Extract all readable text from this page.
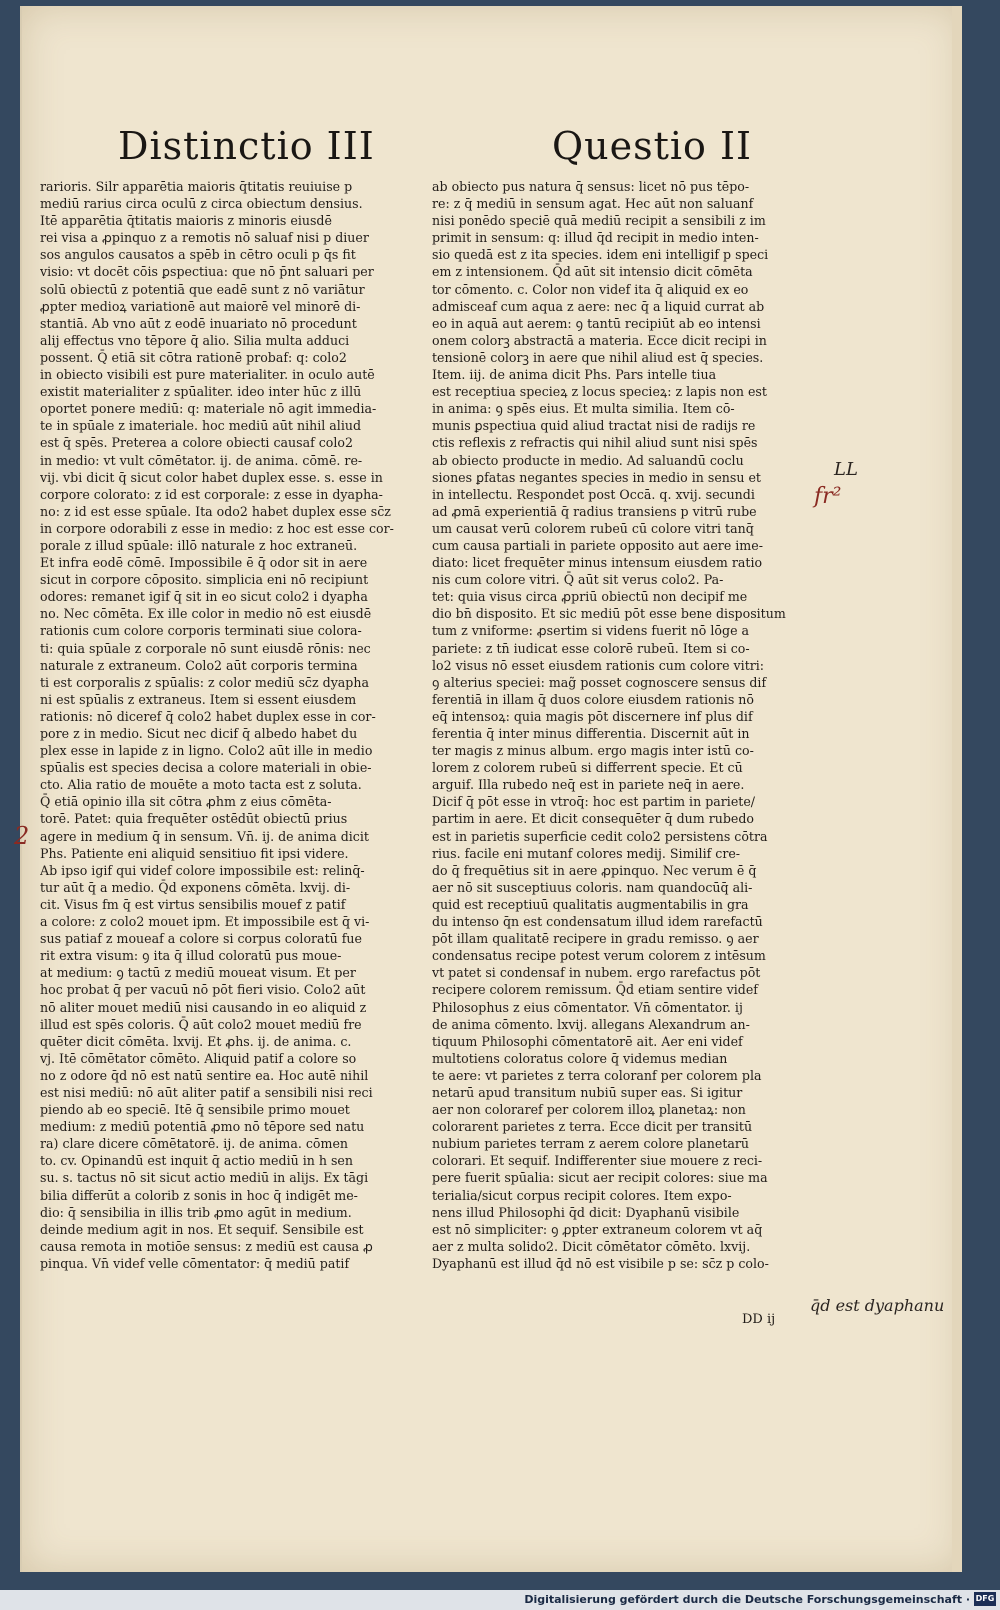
Distinctio III	Questio II
rarioris. Silr apparētia maioris q̄titatis reuiuise p
mediū rarius circa oculū z circa obiectum densius.
Itē apparētia q̄titatis maioris z minoris eiusdē
rei visa a ꝓpinquo z a remotis nō saluaf nisi p diuer
sos angulos causatos a spēb in cētro oculi p q̄s fit
visio: vt docēt cōis ꝑspectiua: que nō p̄nt saluari per
solū obiectū z potentiā que eadē sunt z nō variātur
ꝓpter medioꝝ variationē aut maiorē vel minorē di-
stantiā. Ab vno aūt z eodē inuariato nō procedunt
alij effectus vno tēpore q̄ alio. Silia multa adduci
possent. Q̄ etiā sit cōtra rationē probaf: q: colo2
in obiecto visibili est pure materialiter. in oculo autē
existit materialiter z spūaliter. ideo inter hūc z illū
oportet ponere mediū: q: materiale nō agit immedia-
te in spūale z imateriale. hoc mediū aūt nihil aliud
est q̄ spēs. Preterea a colore obiecti causaf colo2
in medio: vt vult cōmētator. ij. de anima. cōmē. re-
vij. vbi dicit q̄ sicut color habet duplex esse. s. esse in
corpore colorato: z id est corporale: z esse in dyapha-
no: z id est esse spūale. Ita odo2 habet duplex esse sc̄z
in corpore odorabili z esse in medio: z hoc est esse cor-
porale z illud spūale: illō naturale z hoc extraneū.
Et infra eodē cōmē. Impossibile ē q̄ odor sit in aere
sicut in corpore cōposito. simplicia eni nō recipiunt
odores: remanet igif q̄ sit in eo sicut colo2 i dyapha
no. Nec cōmēta. Ex ille color in medio nō est eiusdē
rationis cum colore corporis terminati siue colora-
ti: quia spūale z corporale nō sunt eiusdē rōnis: nec
naturale z extraneum. Colo2 aūt corporis termina
ti est corporalis z spūalis: z color mediū sc̄z dyapha
ni est spūalis z extraneus. Item si essent eiusdem
rationis: nō diceref q̄ colo2 habet duplex esse in cor-
pore z in medio. Sicut nec dicif q̄ albedo habet du
plex esse in lapide z in ligno. Colo2 aūt ille in medio
spūalis est species decisa a colore materiali in obie-
cto. Alia ratio de mouēte a moto tacta est z soluta.
Q̄ etiā opinio illa sit cōtra ꝓhm z eius cōmēta-
torē. Patet: quia frequēter ostēdūt obiectū prius
agere in medium q̄ in sensum. Vn̄. ij. de anima dicit
Phs. Patiente eni aliquid sensitiuo fit ipsi videre.
Ab ipso igif qui videf colore impossibile est: relinq̄-
tur aūt q̄ a medio. Q̄d exponens cōmēta. lxvij. di-
cit. Visus fm q̄ est virtus sensibilis mouef z patif
a colore: z colo2 mouet ipm. Et impossibile est q̄ vi-
sus patiaf z moueaf a colore si corpus coloratū fue
rit extra visum: ꝯ ita q̄ illud coloratū pus moue-
at medium: ꝯ tactū z mediū moueat visum. Et per
hoc probat q̄ per vacuū nō pōt fieri visio. Colo2 aūt
nō aliter mouet mediū nisi causando in eo aliquid z
illud est spēs coloris. Q̄ aūt colo2 mouet mediū fre
quēter dicit cōmēta. lxvij. Et ꝓhs. ij. de anima. c.
vj. Itē cōmētator cōmēto. Aliquid patif a colore so
no z odore q̄d nō est natū sentire ea. Hoc autē nihil
est nisi mediū: nō aūt aliter patif a sensibili nisi reci
piendo ab eo speciē. Itē q̄ sensibile primo mouet
medium: z mediū potentiā ꝓmo nō tēpore sed natu
ra) clare dicere cōmētatorē. ij. de anima. cōmen
to. cv. Opinandū est inquit q̄ actio mediū in h sen
su. s. tactus nō sit sicut actio mediū in alijs. Ex tāgi
bilia differūt a colorib z sonis in hoc q̄ indigēt me-
dio: q̄ sensibilia in illis trib ꝓmo agūt in medium.
deinde medium agit in nos. Et sequif. Sensibile est
causa remota in motiōe sensus: z mediū est causa ꝓ
pinqua. Vn̄ videf velle cōmentator: q̄ mediū patif
ab obiecto pus natura q̄ sensus: licet nō pus tēpo-
re: z q̄ mediū in sensum agat. Hec aūt non saluanf
nisi ponēdo speciē quā mediū recipit a sensibili z im
primit in sensum: q: illud q̄d recipit in medio inten-
sio quedā est z ita species. idem eni intelligif p speci
em z intensionem. Q̄d aūt sit intensio dicit cōmēta
tor cōmento. c. Color non videf ita q̄ aliquid ex eo
admisceaf cum aqua z aere: nec q̄ a liquid currat ab
eo in aquā aut aerem: ꝯ tantū recipiūt ab eo intensi
onem colorꝫ abstractā a materia. Ecce dicit recipi in
tensionē colorꝫ in aere que nihil aliud est q̄ species.
Item. iij. de anima dicit Phs. Pars intelle tiua
est receptiua specieꝝ z locus specieꝝ: z lapis non est
in anima: ꝯ spēs eius. Et multa similia. Item cō-
munis ꝑspectiua quid aliud tractat nisi de radijs re
ctis reflexis z refractis qui nihil aliud sunt nisi spēs
ab obiecto producte in medio. Ad saluandū coclu
siones ꝑfatas negantes species in medio in sensu et
in intellectu. Respondet post Occā. q. xvij. secundi
ad ꝓmā experientiā q̄ radius transiens p vitrū rube
um causat verū colorem rubeū cū colore vitri tanq̄
cum causa partiali in pariete opposito aut aere ime-
diato: licet frequēter minus intensum eiusdem ratio
nis cum colore vitri. Q̄ aūt sit verus colo2. Pa-
tet: quia visus circa ꝓpriū obiectū non decipif me
dio bn̄ disposito. Et sic mediū pōt esse bene dispositum
tum z vniforme: ꝓsertim si videns fuerit nō lōge a
pariete: z tn̄ iudicat esse colorē rubeū. Item si co-
lo2 visus nō esset eiusdem rationis cum colore vitri:
ꝯ alterius speciei: mag̃ posset cognoscere sensus dif
ferentiā in illam q̄ duos colore eiusdem rationis nō
eq̄ intensoꝝ: quia magis pōt discernere inf plus dif
ferentia q̄ inter minus differentia. Discernit aūt in
ter magis z minus album. ergo magis inter istū co-
lorem z colorem rubeū si differrent specie. Et cū
arguif. Illa rubedo neq̄ est in pariete neq̄ in aere.
Dicif q̄ pōt esse in vtroq̄: hoc est partim in pariete/
partim in aere. Et dicit consequēter q̄ dum rubedo
est in parietis superficie cedit colo2 persistens cōtra
rius. facile eni mutanf colores medij. Similif cre-
do q̄ frequētius sit in aere ꝓpinquo. Nec verum ē q̄
aer nō sit susceptiuus coloris. nam quandocūq̄ ali-
quid est receptiuū qualitatis augmentabilis in gra
du intenso q̄n est condensatum illud idem rarefactū
pōt illam qualitatē recipere in gradu remisso. ꝯ aer
condensatus recipe potest verum colorem z intēsum
vt patet si condensaf in nubem. ergo rarefactus pōt
recipere colorem remissum. Q̄d etiam sentire videf
Philosophus z eius cōmentator. Vn̄ cōmentator. ij
de anima cōmento. lxvij. allegans Alexandrum an-
tiquum Philosophi cōmentatorē ait. Aer eni videf
multotiens coloratus colore q̄ videmus median
te aere: vt parietes z terra coloranf per colorem pla
netarū apud transitum nubiū super eas. Si igitur
aer non coloraref per colorem illoꝝ planetaꝝ: non
colorarent parietes z terra. Ecce dicit per transitū
nubium parietes terram z aerem colore planetarū
colorari. Et sequif. Indifferenter siue mouere z reci-
pere fuerit spūalia: sicut aer recipit colores: siue ma
terialia/sicut corpus recipit colores. Item expo-
nens illud Philosophi q̄d dicit: Dyaphanū visibile
est nō simpliciter: ꝯ ꝓpter extraneum colorem vt aq̄
aer z multa solido2. Dicit cōmētator cōmēto. lxvij.
Dyaphanū est illud q̄d nō est visibile p se: sc̄z p colo-
DD ij
LL
fr²
2
q̄d est dyaphanu
Digitalisierung gefördert durch die Deutsche Forschungsgemeinschaft · DFG
